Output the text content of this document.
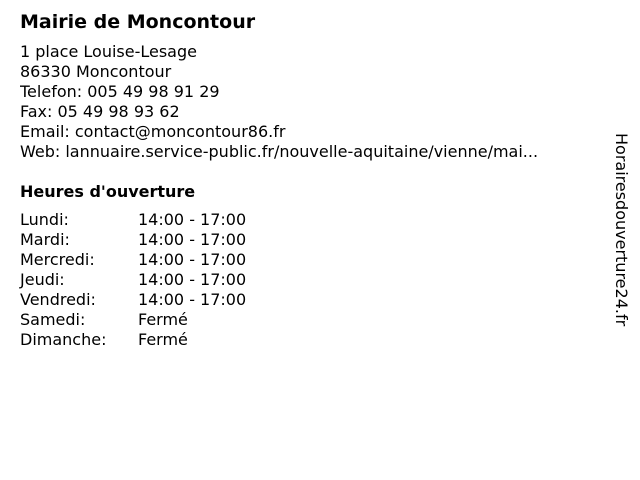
Mairie de Moncontour
1 place Louise-Lesage
86330 Moncontour
Telefon: 005 49 98 91 29
Fax: 05 49 98 93 62
Email: contact@moncontour86.fr
Web: lannuaire.service-public.fr/nouvelle-aquitaine/vienne/mai...
Heures d'ouverture
Lundi:	14:00 - 17:00
Mardi:	14:00 - 17:00
Mercredi:	14:00 - 17:00
Jeudi:	14:00 - 17:00
Vendredi:	14:00 - 17:00
Samedi:	Fermé
Dimanche:	Fermé
Horairesdouverture24.fr
